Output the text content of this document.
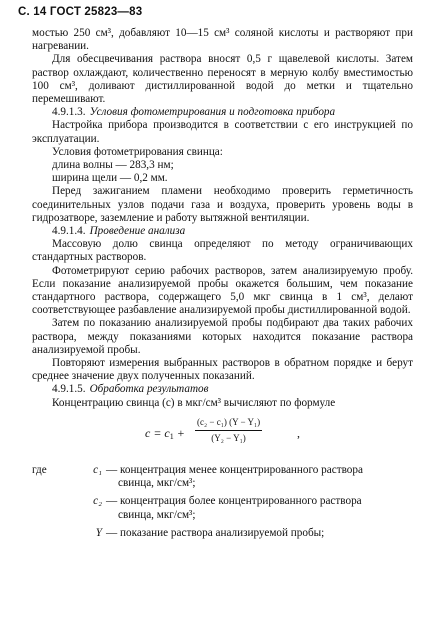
С. 14 ГОСТ 25823—83

мостью 250 см³, добавляют 10—15 см³ соляной кислоты и растворяют при нагревании.

Для обесцвечивания раствора вносят 0,5 г щавелевой кислоты. Затем раствор охлаждают, количественно переносят в мерную колбу вместимостью 100 см³, доливают дистиллированной водой до метки и тщательно перемешивают.

4.9.1.3. Условия фотометрирования и подготовка прибора

Настройка прибора производится в соответствии с его инструкцией по эксплуатации.

Условия фотометрирования свинца:
длина волны — 283,3 нм;
ширина щели — 0,2 мм.

Перед зажиганием пламени необходимо проверить герметичность соединительных узлов подачи газа и воздуха, проверить уровень воды в гидрозатворе, заземление и работу вытяжной вентиляции.

4.9.1.4. Проведение анализа

Массовую долю свинца определяют по методу ограничивающих стандартных растворов.

Фотометрируют серию рабочих растворов, затем анализируемую пробу. Если показание анализируемой пробы окажется большим, чем показание стандартного раствора, содержащего 5,0 мкг свинца в 1 см³, делают соответствующее разбавление анализируемой пробы дистиллированной водой.

Затем по показанию анализируемой пробы подбирают два таких рабочих раствора, между показаниями которых находится показание раствора анализируемой пробы.

Повторяют измерения выбранных растворов в обратном порядке и берут среднее значение двух полученных показаний.

4.9.1.5. Обработка результатов

Концентрацию свинца (с) в мкг/см³ вычисляют по формуле

$c = c_1 + \frac{\text{(c₂ − c₁) (Y − Y₁)}}{\text{(Y₂ − Y₁)}}$	,
где	c₁ — концентрация менее концентрированного раствора
свинца, мкг/см³;
c₂ — концентрация более концентрированного раствора
свинца, мкг/см³;
Y — показание раствора анализируемой пробы;
